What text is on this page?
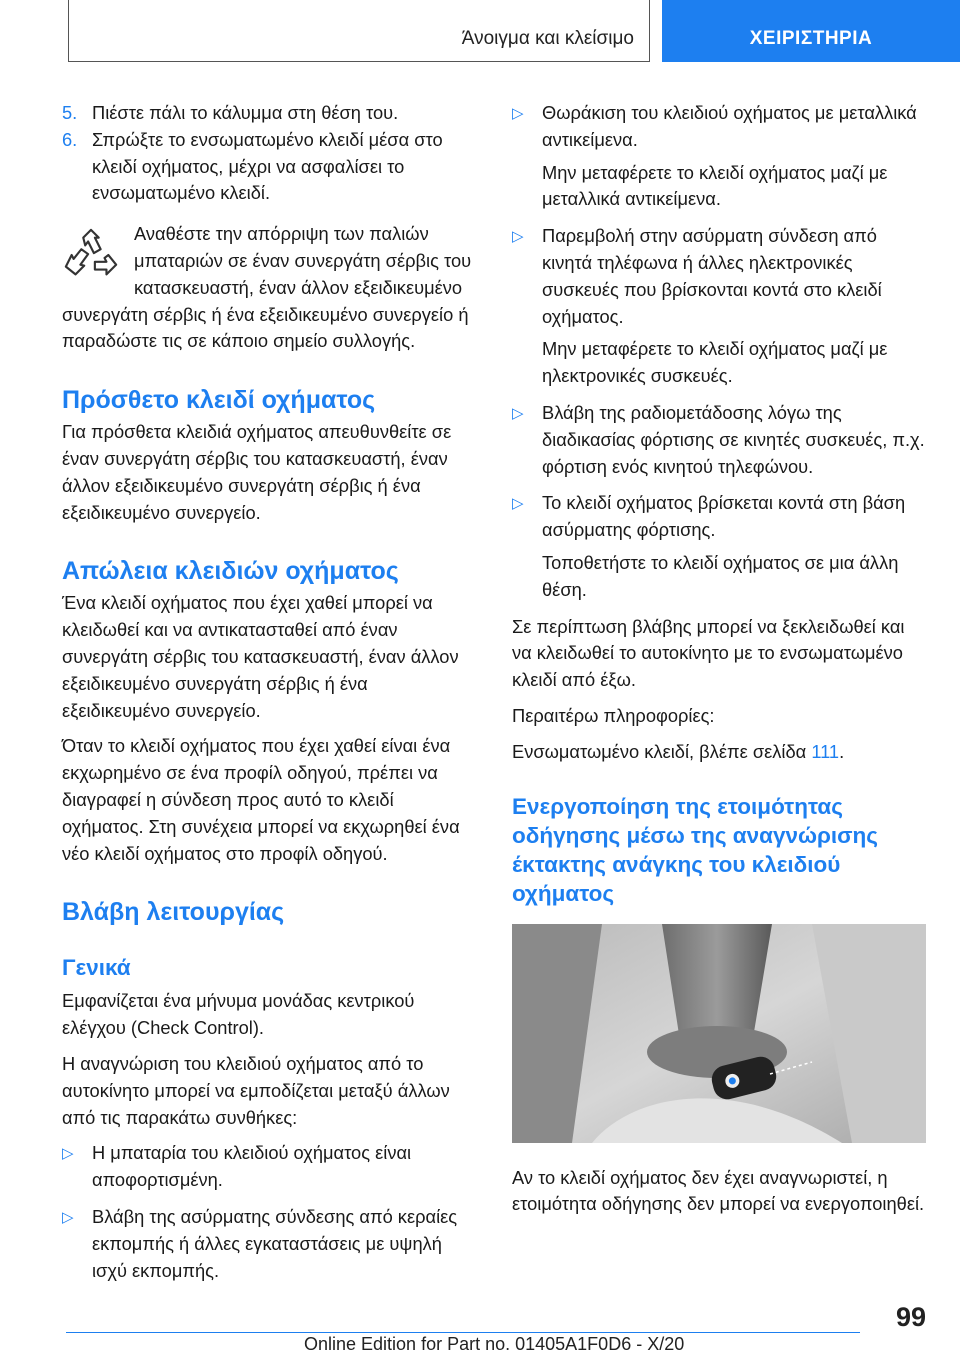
Άνοιγμα και κλείσιμο	ΧΕΙΡΙΣΤΗΡΙΑ
5. Πιέστε πάλι το κάλυμμα στη θέση του.
6. Σπρώξτε το ενσωματωμένο κλειδί μέσα στο κλειδί οχήματος, μέχρι να ασφαλίσει το ενσωματωμένο κλειδί.

Αναθέστε την απόρριψη των παλιών μπαταριών σε έναν συνεργάτη σέρβις του κατασκευαστή, έναν άλλον εξειδικευμένο συνεργάτη σέρβις ή ένα εξειδικευμένο συνεργείο ή παραδώστε τις σε κάποιο σημείο συλλογής.

Πρόσθετο κλειδί οχήματος

Για πρόσθετα κλειδιά οχήματος απευθυνθείτε σε έναν συνεργάτη σέρβις του κατασκευαστή, έναν άλλον εξειδικευμένο συνεργάτη σέρβις ή ένα εξειδικευμένο συνεργείο.

Απώλεια κλειδιών οχήματος

Ένα κλειδί οχήματος που έχει χαθεί μπορεί να κλειδωθεί και να αντικατασταθεί από έναν συνεργάτη σέρβις του κατασκευαστή, έναν άλλον εξειδικευμένο συνεργάτη σέρβις ή ένα εξειδικευμένο συνεργείο.

Όταν το κλειδί οχήματος που έχει χαθεί είναι ένα εκχωρημένο σε ένα προφίλ οδηγού, πρέπει να διαγραφεί η σύνδεση προς αυτό το κλειδί οχήματος. Στη συνέχεια μπορεί να εκχωρηθεί ένα νέο κλειδί οχήματος στο προφίλ οδηγού.

Βλάβη λειτουργίας
Γενικά

Εμφανίζεται ένα μήνυμα μονάδας κεντρικού ελέγχου (Check Control).

Η αναγνώριση του κλειδιού οχήματος από το αυτοκίνητο μπορεί να εμποδίζεται μεταξύ άλλων από τις παρακάτω συνθήκες:

▷ Η μπαταρία του κλειδιού οχήματος είναι αποφορτισμένη.
▷ Βλάβη της ασύρματης σύνδεσης από κεραίες εκπομπής ή άλλες εγκαταστάσεις με υψηλή ισχύ εκπομπής.
▷ Θωράκιση του κλειδιού οχήματος με μεταλλικά αντικείμενα.

Μην μεταφέρετε το κλειδί οχήματος μαζί με μεταλλικά αντικείμενα.

▷ Παρεμβολή στην ασύρματη σύνδεση από κινητά τηλέφωνα ή άλλες ηλεκτρονικές συσκευές που βρίσκονται κοντά στο κλειδί οχήματος.

Μην μεταφέρετε το κλειδί οχήματος μαζί με ηλεκτρονικές συσκευές.

▷ Βλάβη της ραδιομετάδοσης λόγω της διαδικασίας φόρτισης σε κινητές συσκευές, π.χ. φόρτιση ενός κινητού τηλεφώνου.
▷ Το κλειδί οχήματος βρίσκεται κοντά στη βάση ασύρματης φόρτισης.

Τοποθετήστε το κλειδί οχήματος σε μια άλλη θέση.

Σε περίπτωση βλάβης μπορεί να ξεκλειδωθεί και να κλειδωθεί το αυτοκίνητο με το ενσωματωμένο κλειδί από έξω.

Περαιτέρω πληροφορίες:

Ενσωματωμένο κλειδί, βλέπε σελίδα 111.

Ενεργοποίηση της ετοιμότητας οδήγησης μέσω της αναγνώρισης έκτακτης ανάγκης του κλειδιού οχήματος

Αν το κλειδί οχήματος δεν έχει αναγνωριστεί, η ετοιμότητα οδήγησης δεν μπορεί να ενεργοποιηθεί.

99
Online Edition for Part no. 01405A1F0D6 - X/20
